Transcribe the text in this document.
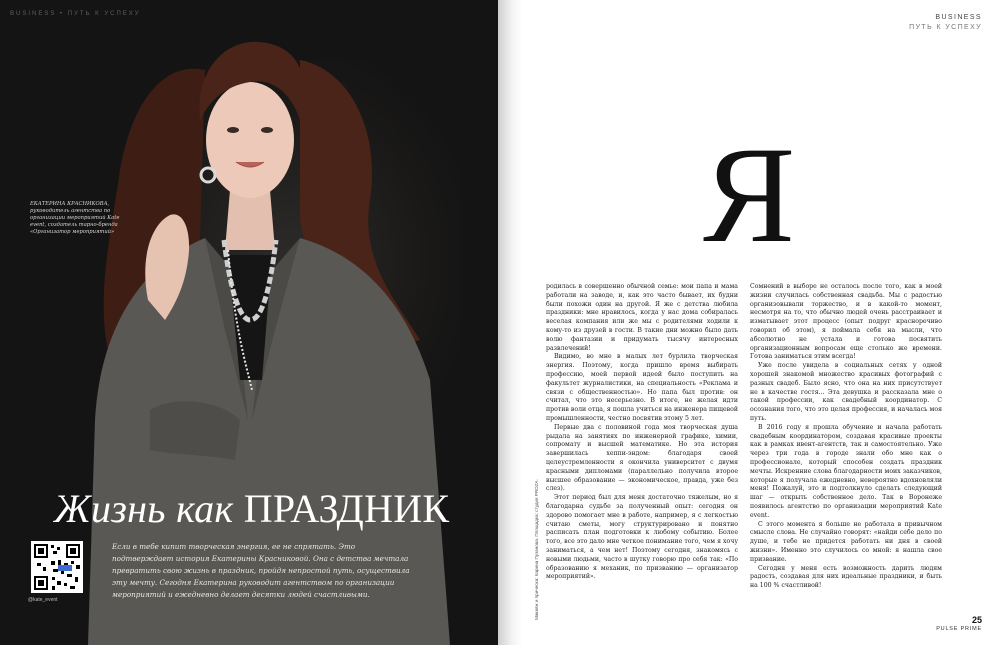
BUSINESS • ПУТЬ К УСПЕХУ
ЕКАТЕРИНА КРАСНИКОВА,
руководитель агентства по организации мероприятий Kate event, создатель тарно-бренда «Организатор мероприятий»
Жизнь как ПРАЗДНИК
@kate_event
Если в тебе кипит творческая энергия, ее не спрятать. Это подтверждает история Екатерины Красниковой. Она с детства мечтала превратить свою жизнь в праздник, пройдя непростой путь, осуществила эту мечту. Сегодня Екатерина руководит агентством по организации мероприятий и ежедневно делает десятки людей счастливыми.
BUSINESS
ПУТЬ К УСПЕХУ
Я
Макияж и прическа: Карина Пузанова. Площадка: студия PROZA.

родилась в совершенно обычной семье: мои папа и мама работали на заводе, и, как это часто бывает, их будни были похожи один на другой. Я же с детства любила праздники: мне нравилось, когда у нас дома собиралась веселая компания или же мы с родителями ходили к кому-то из друзей в гости. В такие дни можно было дать волю фантазии и придумать тысячу интересных развлечений!

Видимо, во мне в малых лет бурлила творческая энергия. Поэтому, когда пришло время выбирать профессию, моей первой идеей было поступить на факультет журналистики, на специальность «Реклама и связи с общественностью». Но папа был против: он считал, что это несерьезно. В итоге, не желая идти против воли отца, я пошла учиться на инженера пищевой промышленности, честно посвятив этому 5 лет.

Первые два с половиной года моя творческая душа рыдала на занятиях по инженерной графике, химии, сопромату и высшей математике. Но эта история завершилась хеппи-эндом: благодаря своей целеустремленности я окончила университет с двумя красными дипломами (параллельно получила второе высшее образование — экономическое, правда, уже без слез).

Этот период был для меня достаточно тяжелым, но я благодарна судьбе за полученный опыт: сегодня он здорово помогает мне в работе, например, я с легкостью считаю сметы, могу структурировано и понятно расписать план подготовки к любому событию. Более того, все это дало мне четкое понимание того, чем я хочу заниматься, а чем нет! Поэтому сегодня, знакомясь с новыми людьми, часто в шутку говорю про себя так: «По образованию я механик, по призванию — организатор мероприятий».

Сомнений в выборе не осталось после того, как в моей жизни случилась собственная свадьба. Мы с радостью организовывали торжество, и в какой-то момент, несмотря на то, что обычно людей очень расстраивает и изматывает этот процесс (опыт подруг красноречиво говорил об этом), я поймала себя на мысли, что абсолютно не устала и готова посвятить организационным вопросам еще столько же времени. Готова заниматься этим всегда!

Уже после увидела в социальных сетях у одной хорошей знакомой множество красивых фотографий с разных свадеб. Было ясно, что она на них присутствует не в качестве гостя... Эта девушка и рассказала мне о такой профессии, как свадебный координатор. С осознания того, что это целая профессия, и началась моя путь.

В 2016 году я прошла обучение и начала работать свадебным координатором, создавая красивые проекты как в рамках ивент-агентств, так и самостоятельно. Уже через три года в городе знали обо мне как о профессионале, который способен создать праздник мечты. Искренние слова благодарности моих заказчиков, которые я получала ежедневно, невероятно вдохновляли меня! Пожалуй, это и подтолкнуло сделать следующий шаг — открыть собственное дело. Так в Воронеже появилось агентство по организации мероприятий Kate event.

С этого момента я больше не работала в привычном смысле слова. Не случайно говорят: «найди себе дело по душе, и тебе не придется работать ни дня в своей жизни». Именно это случилось со мной: я нашла свое призвание.

Сегодня у меня есть возможность дарить людям радость, создавая для них идеальные праздники, и быть на 100 % счастливой!

25
PULSE PRIME
